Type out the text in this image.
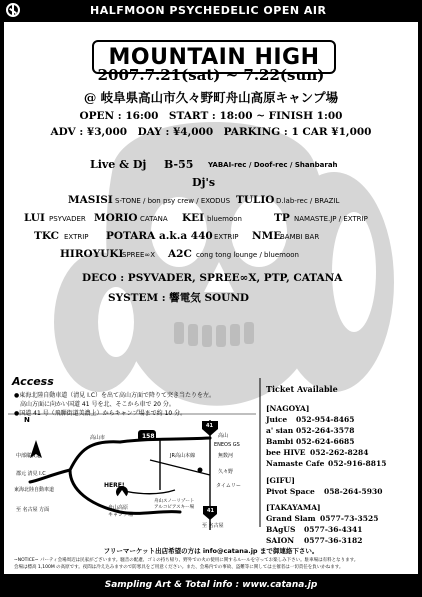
HALFMOON PSYCHEDELIC OPEN AIR
MOUNTAIN HIGH
2007.7.21(sat) ~ 7.22(sun)
@ 岐阜県高山市久々野町舟山高原キャンプ場
OPEN : 16:00　START : 18:00 ~ FINISH 1:00
ADV : ¥3,000　DAY : ¥4,000　PARKING : 1 CAR ¥1,000
Live & Dj B-55 YABAI-rec / Doof-rec / Shanbarah
Dj's
MASISI S-TONE / bon psy crew / EXODUS TULIO D.lab-rec / BRAZIL
LUI PSYVADER MORIO CATANA KEI bluemoon	TP NAMASTE.JP / EXTRIP
TKC EXTRIP POTARA a.k.a 440 EXTRIP NME
BAMBI BAR
HIROYUKI
SPREE∞X A2C cong tong lounge / bluemoon
DECO : PSYVADER, SPREE∞X, PTP, CATANA
SYSTEM : 響電気 SOUND
Access
●東海北陸自動車道（清見 I.C）を出て高山方面で降りて突き当たりを左。
　高山方面に向かい国道 41 号を北、そこから車で 20 分。
●国道 41 号（飛騨街道美濃上）からキャンプ場まで約 10 分。
N
高山市	158
41
高山
中部縦貫道
郡元 清見 I.C
東海北陸自動車道
至 名古屋 方面
JR高山本線
ENEOS GS
無数河
久々野
タイムリー
HERE!
舟山高原
キャンプ場
舟山スノーリゾート
アルコピアスキー場
41
至 名古屋
Ticket Available
[NAGOYA]
Juice 052-954-8465
a' sian 052-264-3578
Bambi 052-624-6685
bee HIVE 052-262-8284
Namaste Cafe 052-916-8815
[GIFU]
Pivot Space 058-264-5930
[TAKAYAMA]
Grand Slam 0577-73-3525
BAgUS 0577-36-4341
SAION 0577-36-3182
フリーマーケット出店希望の方は info@catana.jp まで御連絡下さい。
~NOTICE~ パーティ会場周辺は民家がございます。騒音の配慮、ゴミの持ち帰り、野外での火の使用に関するルールを守ってお楽しみ下さい。駐車場は有料となります。
会場は標高 1,100M の高原です。夜間は冷え込みますので防寒具をご用意ください。また、会場内での事故、盗難等に関しては主催者は一切責任を負いかねます。
Sampling Art & Total info : www.catana.jp
